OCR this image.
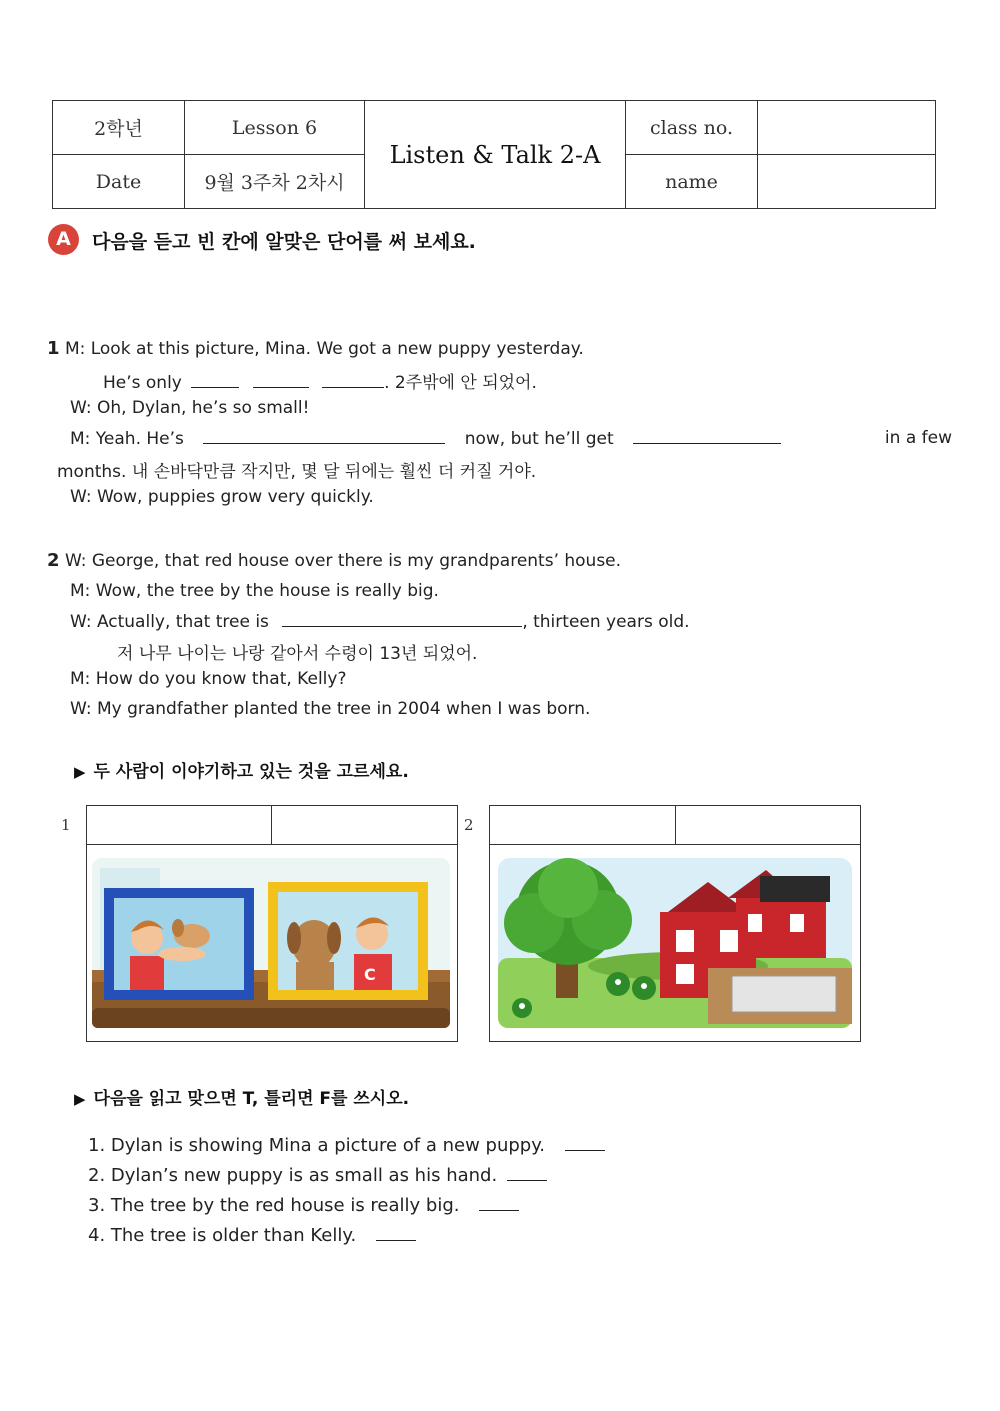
2학년	Lesson 6	Listen & Talk 2-A	class no.	
Date	9월 3주차 2차시		name	
A	다음을 듣고 빈 칸에 알맞은 단어를 써 보세요.
1 M: Look at this picture, Mina. We got a new puppy yesterday.
He’s only	. 2주밖에 안 되었어.
W: Oh, Dylan, he’s so small!
M: Yeah. He’s	now, but he’ll get	in a few
months. 내 손바닥만큼 작지만, 몇 달 뒤에는 훨씬 더 커질 거야.
W: Wow, puppies grow very quickly.
2 W: George, that red house over there is my grandparents’ house.
M: Wow, the tree by the house is really big.
W: Actually, that tree is	, thirteen years old.
저 나무 나이는 나랑 같아서 수령이 13년 되었어.
M: How do you know that, Kelly?
W: My grandfather planted the tree in 2004 when I was born.
▶ 두 사람이 이야기하고 있는 것을 고르세요.
1
C
2
▶ 다음을 읽고 맞으면 T, 틀리면 F를 쓰시오.
1. Dylan is showing Mina a picture of a new puppy.
2. Dylan’s new puppy is as small as his hand.
3. The tree by the red house is really big.
4. The tree is older than Kelly.
